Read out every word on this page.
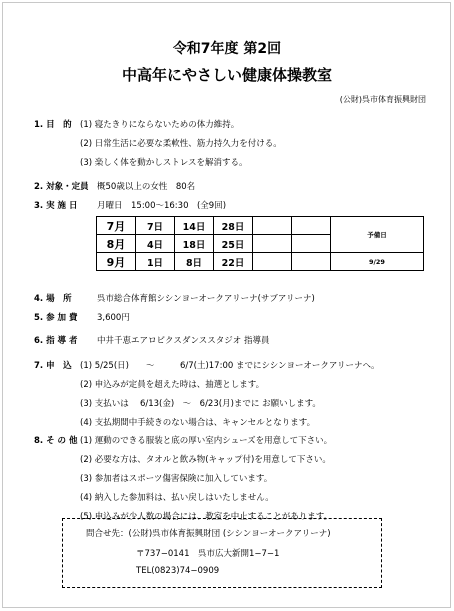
令和7年度 第2回
中高年にやさしい健康体操教室
(公財)呉市体育振興財団
1. 目　的 (1) 寝たきりにならないための体力維持。
(2) 日常生活に必要な柔軟性、筋力持久力を付ける。
(3) 楽しく体を動かしストレスを解消する。
2. 対象・定員 概50歳以上の女性　80名
3. 実 施 日 月曜日　15:00～16:30　(全9回)
7月	7日	14日	28日			予備日
8月	4日	18日	25日			
9月	1日	8日	22日			9/29
4. 場　所	呉市総合体育館シシンヨーオークアリーナ(サブアリーナ)
5. 参 加 費 3,600円
6. 指 導 者 中井千恵エアロビクスダンススタジオ 指導員
7. 申　込 (1) 5/25(日)　　～　　　6/7(土)17:00 までにシシンヨーオークアリーナへ。
(2) 申込みが定員を超えた時は、抽選とします。
(3) 支払いは　 6/13(金)　～　6/23(月)までに お願いします。
(4) 支払期間中手続きのない場合は、キャンセルとなります。
8. そ の 他 (1) 運動のできる服装と底の厚い室内シューズを用意して下さい。
(2) 必要な方は、タオルと飲み物(キャップ付)を用意して下さい。
(3) 参加者はスポーツ傷害保険に加入しています。
(4) 納入した参加料は、払い戻しはいたしません。
(5) 申込みが少人数の場合には、教室を中止することがあります。
問合せ先：(公財)呉市体育振興財団 (シシンヨーオークアリーナ)
〒737−0141　呉市広大新開1−7−1
TEL(0823)74−0909
